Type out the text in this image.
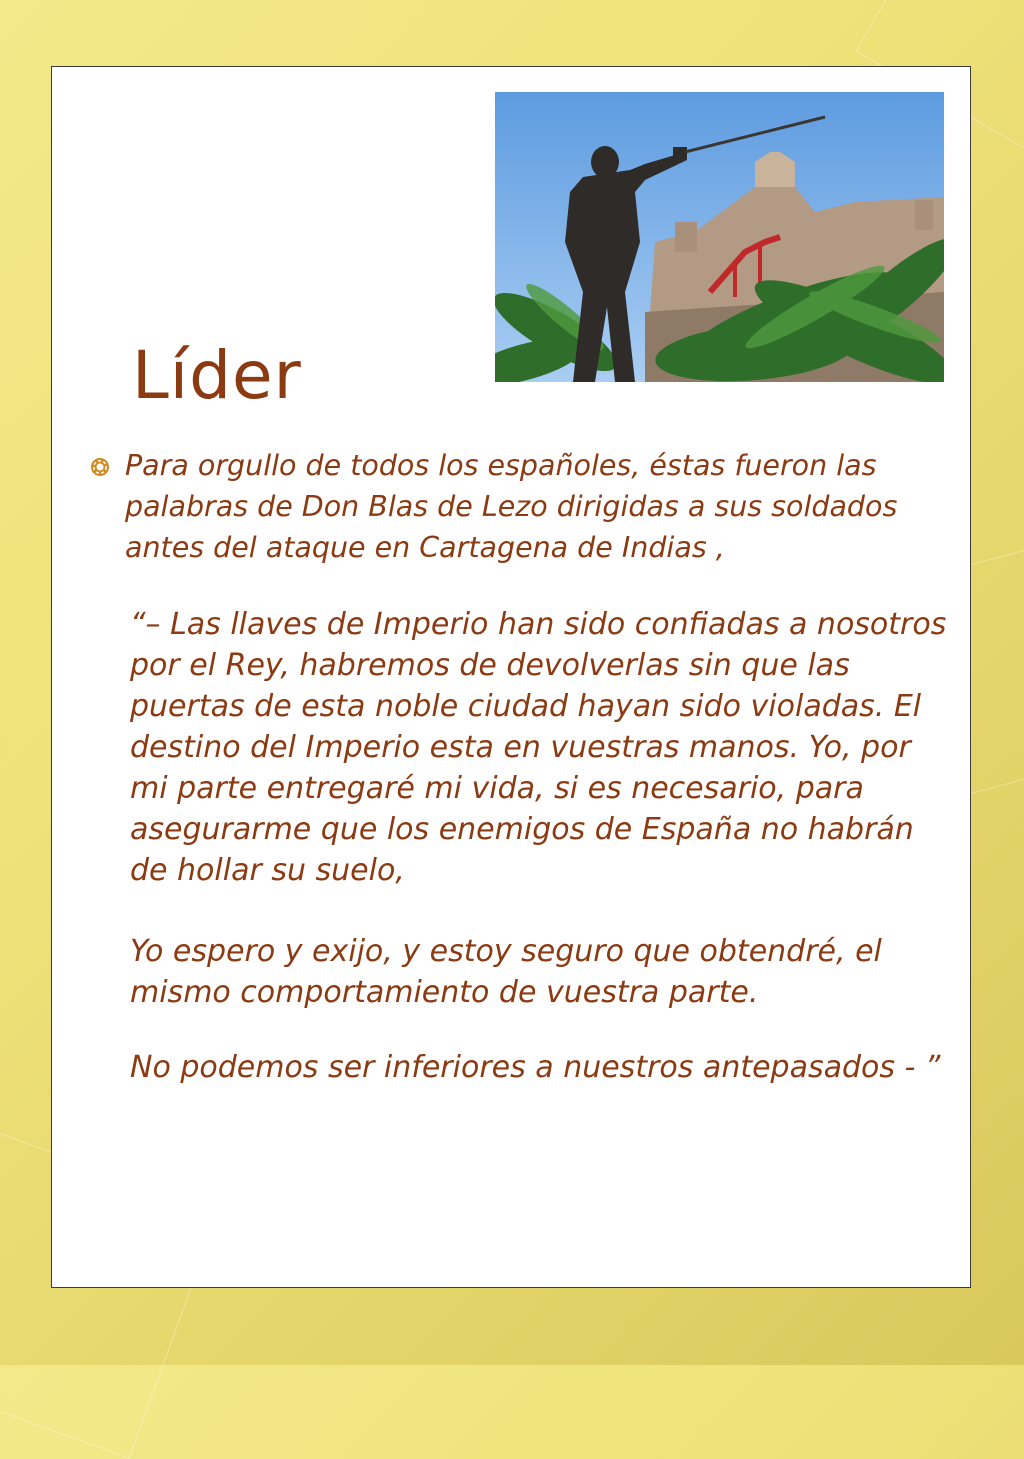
Líder

Para orgullo de todos los españoles, éstas fueron las palabras de Don Blas de Lezo dirigidas a sus soldados antes del ataque en Cartagena de Indias ,

“– Las llaves de Imperio han sido confiadas a nosotros por el Rey, habremos de devolverlas sin que las puertas de esta noble ciudad hayan sido violadas. El destino del Imperio esta en vuestras manos. Yo, por mi parte entregaré mi vida, si es necesario, para asegurarme que los enemigos de España no habrán de hollar su suelo,

Yo espero y exijo, y estoy seguro que obtendré, el mismo comportamiento de vuestra parte.

No podemos ser inferiores a nuestros antepasados - ”
